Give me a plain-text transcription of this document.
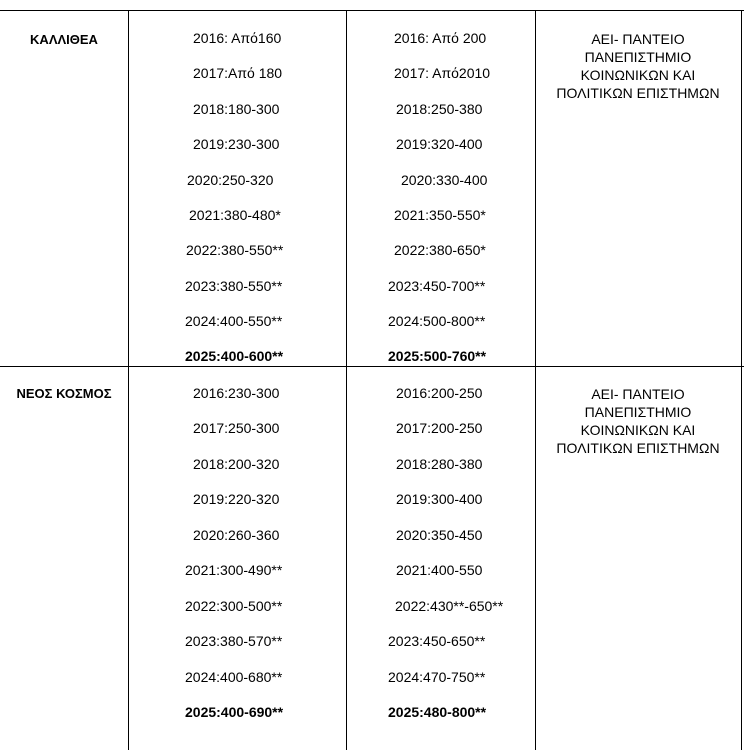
ΚΑΛΛΙΘΕΑ	2016: Από160
2017:Από 180
2018:180-300
2019:230-300
2020:250-320
2021:380-480*
2022:380-550**
2023:380-550**
2024:400-550**
2025:400-600**
2016: Από 200
2017: Από2010
2018:250-380
2019:320-400
2020:330-400
2021:350-550*
2022:380-650*
2023:450-700**
2024:500-800**
2025:500-760**
ΑΕΙ- ΠΑΝΤΕΙΟ
ΠΑΝΕΠΙΣΤΗΜΙΟ
ΚΟΙΝΩΝΙΚΩΝ ΚΑΙ
ΠΟΛΙΤΙΚΩΝ ΕΠΙΣΤΗΜΩΝ
ΝΕΟΣ ΚΟΣΜΟΣ	2016:230-300
2017:250-300
2018:200-320
2019:220-320
2020:260-360
2021:300-490**
2022:300-500**
2023:380-570**
2024:400-680**
2025:400-690**
2016:200-250
2017:200-250
2018:280-380
2019:300-400
2020:350-450
2021:400-550
2022:430**-650**
2023:450-650**
2024:470-750**
2025:480-800**
ΑΕΙ- ΠΑΝΤΕΙΟ
ΠΑΝΕΠΙΣΤΗΜΙΟ
ΚΟΙΝΩΝΙΚΩΝ ΚΑΙ
ΠΟΛΙΤΙΚΩΝ ΕΠΙΣΤΗΜΩΝ
